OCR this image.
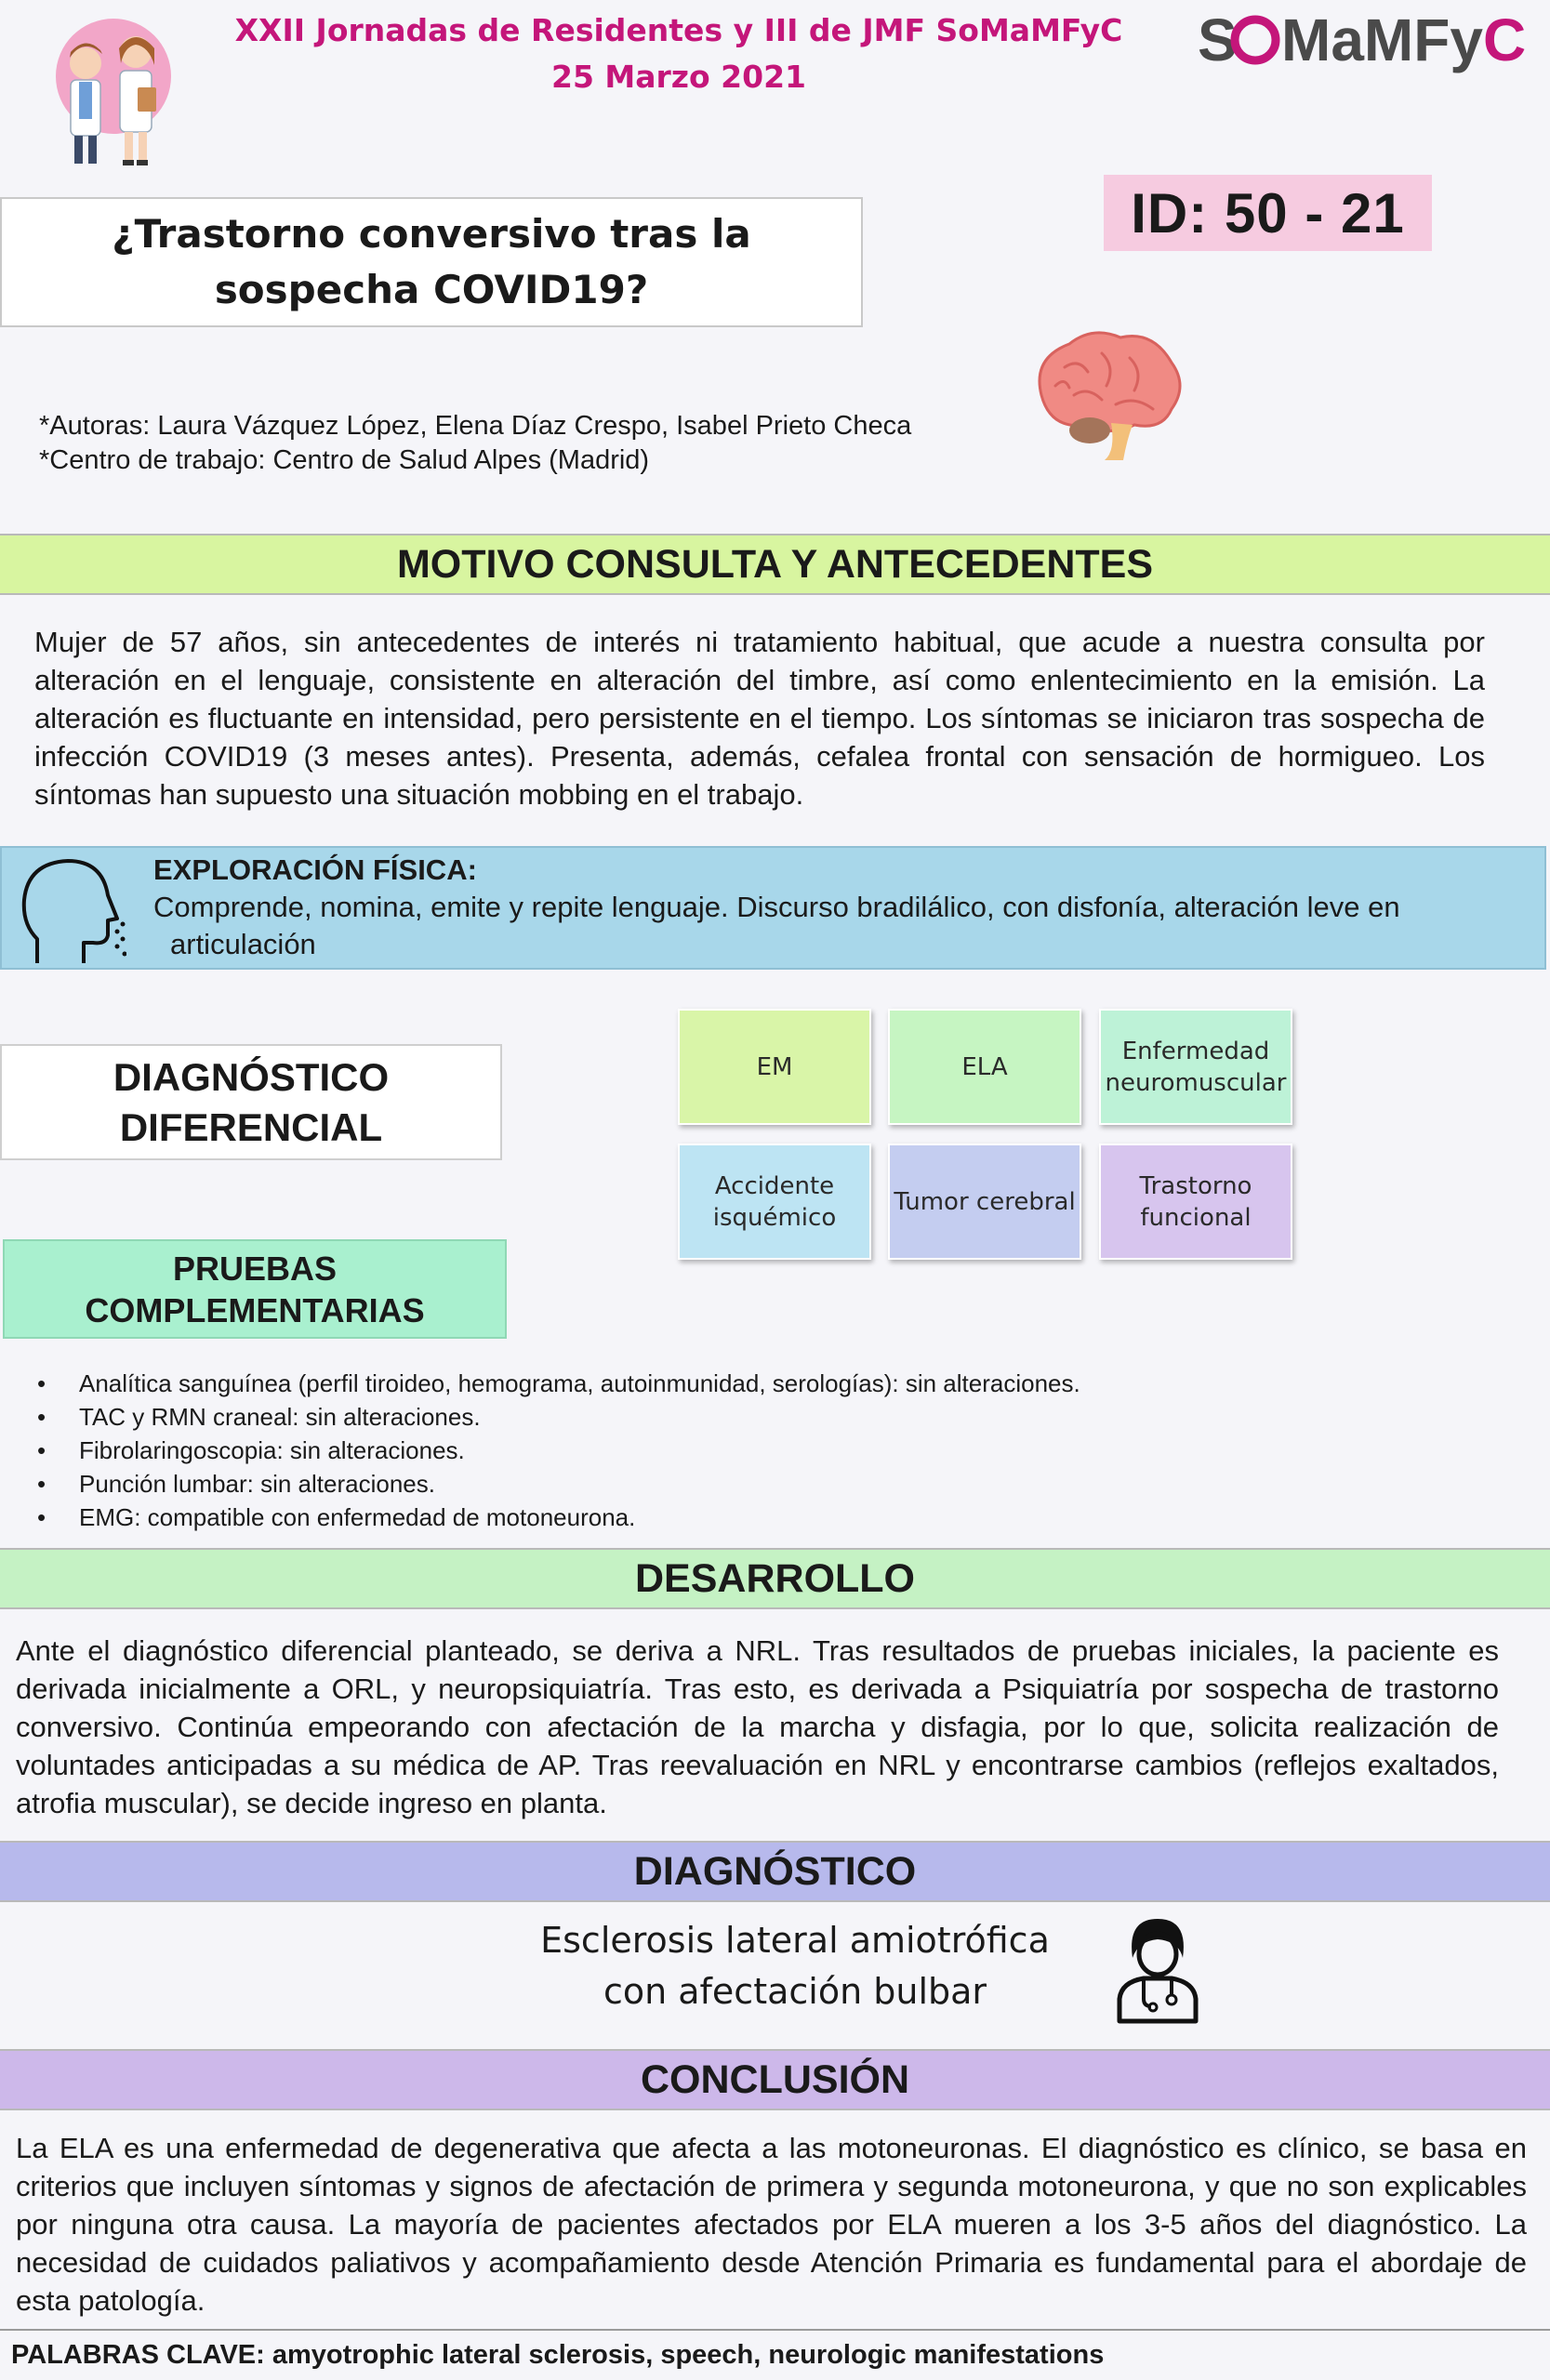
XXII Jornadas de Residentes y III de JMF SoMaMFyC
25 Marzo 2021
S MaMFy C
¿Trastorno conversivo tras la sospecha COVID19?
ID: 50 - 21
*Autoras: Laura Vázquez López, Elena Díaz Crespo, Isabel Prieto Checa
*Centro de trabajo: Centro de Salud Alpes (Madrid)
MOTIVO CONSULTA Y ANTECEDENTES
Mujer de 57 años, sin antecedentes de interés ni tratamiento habitual, que acude a nuestra consulta por alteración en el lenguaje, consistente en alteración del timbre, así como enlentecimiento en la emisión. La alteración es fluctuante en intensidad, pero persistente en el tiempo. Los síntomas se iniciaron tras sospecha de infección COVID19 (3 meses antes). Presenta, además, cefalea frontal con sensación de hormigueo. Los síntomas han supuesto una situación mobbing en el trabajo.
EXPLORACIÓN FÍSICA:
Comprende, nomina, emite y repite lenguaje. Discurso bradilálico, con disfonía, alteración leve en
articulación
DIAGNÓSTICO DIFERENCIAL
EM	ELA
Enfermedad neuromuscular
Accidente isquémico
Tumor cerebral
Trastorno funcional
PRUEBAS COMPLEMENTARIAS
• Analítica sanguínea (perfil tiroideo, hemograma, autoinmunidad, serologías): sin alteraciones.
• TAC y RMN craneal: sin alteraciones.
• Fibrolaringoscopia: sin alteraciones.
• Punción lumbar: sin alteraciones.
• EMG: compatible con enfermedad de motoneurona.
DESARROLLO
Ante el diagnóstico diferencial planteado, se deriva a NRL. Tras resultados de pruebas iniciales, la paciente es derivada inicialmente a ORL, y neuropsiquiatría. Tras esto, es derivada a Psiquiatría por sospecha de trastorno conversivo. Continúa empeorando con afectación de la marcha y disfagia, por lo que, solicita realización de voluntades anticipadas a su médica de AP. Tras reevaluación en NRL y encontrarse cambios (reflejos exaltados, atrofia muscular), se decide ingreso en planta.
DIAGNÓSTICO
Esclerosis lateral amiotrófica
con afectación bulbar
CONCLUSIÓN
La ELA es una enfermedad de degenerativa que afecta a las motoneuronas. El diagnóstico es clínico, se basa en criterios que incluyen síntomas y signos de afectación de primera y segunda motoneurona, y que no son explicables por ninguna otra causa. La mayoría de pacientes afectados por ELA mueren a los 3-5 años del diagnóstico. La necesidad de cuidados paliativos y acompañamiento desde Atención Primaria es fundamental para el abordaje de esta patología.
PALABRAS CLAVE: amyotrophic lateral sclerosis, speech, neurologic manifestations
